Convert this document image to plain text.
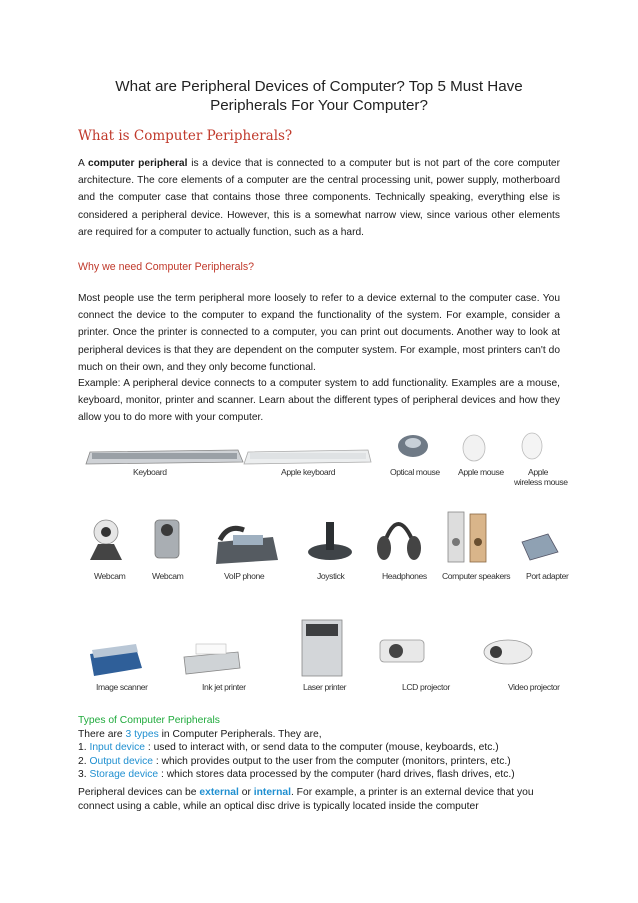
What are Peripheral Devices of Computer? Top 5 Must Have Peripherals For Your Computer?
What is Computer Peripherals?
A computer peripheral is a device that is connected to a computer but is not part of the core computer architecture. The core elements of a computer are the central processing unit, power supply, motherboard and the computer case that contains those three components. Technically speaking, everything else is considered a peripheral device. However, this is a somewhat narrow view, since various other elements are required for a computer to actually function, such as a hard.
Why we need Computer Peripherals?
Most people use the term peripheral more loosely to refer to a device external to the computer case. You connect the device to the computer to expand the functionality of the system. For example, consider a printer. Once the printer is connected to a computer, you can print out documents. Another way to look at peripheral devices is that they are dependent on the computer system. For example, most printers can't do much on their own, and they only become functional.
Example: A peripheral device connects to a computer system to add functionality. Examples are a mouse, keyboard, monitor, printer and scanner. Learn about the different types of peripheral devices and how they allow you to do more with your computer.
Keyboard	Apple keyboard	Optical mouse Apple mouse	Apple
wireless mouse
Webcam	Webcam	VoIP phone	Joystick	Headphones Computer speakers Port adapter
Image scanner	Ink jet printer	Laser printer	LCD projector	Video projector
Types of Computer Peripherals
There are 3 types in Computer Peripherals. They are,
1. Input device : used to interact with, or send data to the computer (mouse, keyboards, etc.)
2. Output device : which provides output to the user from the computer (monitors, printers, etc.)
3. Storage device : which stores data processed by the computer (hard drives, flash drives, etc.)
Peripheral devices can be external or internal. For example, a printer is an external device that you connect using a cable, while an optical disc drive is typically located inside the computer
